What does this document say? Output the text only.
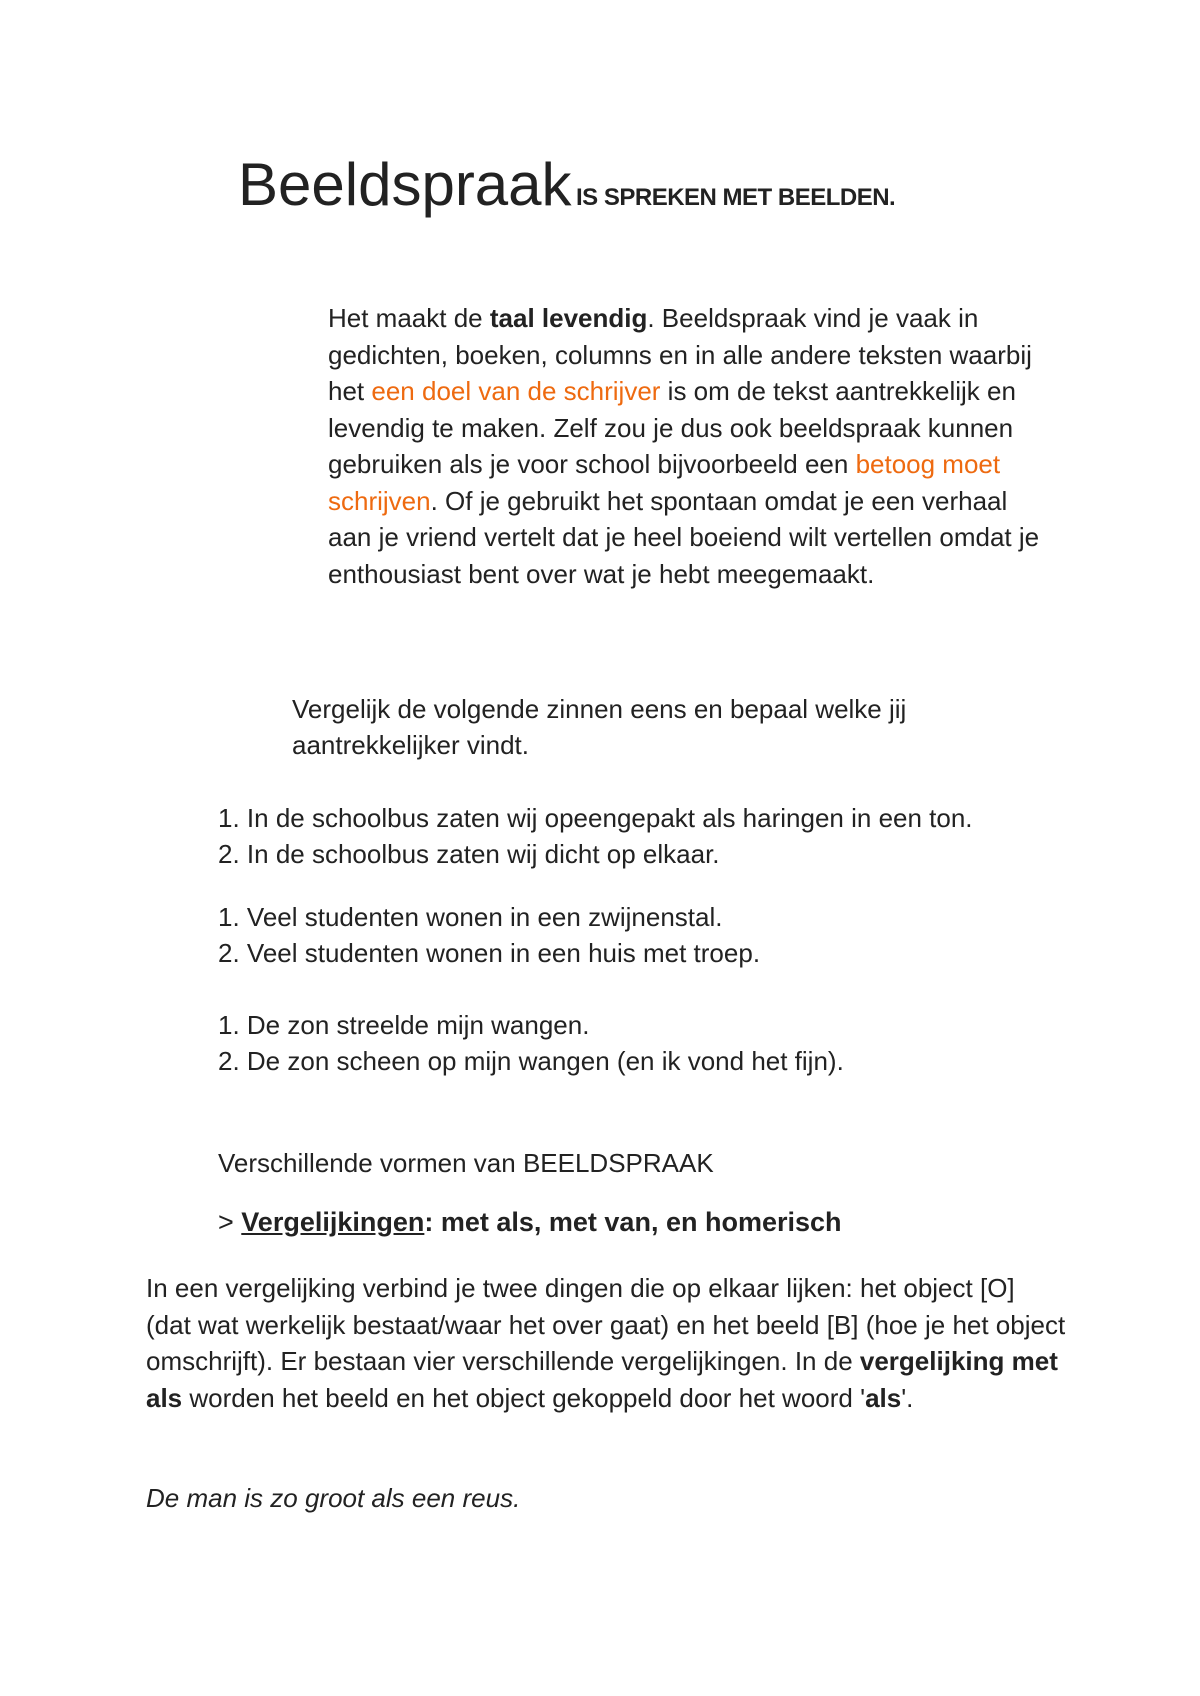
Beeldspraak IS SPREKEN MET BEELDEN.

Het maakt de taal levendig. Beeldspraak vind je vaak in gedichten, boeken, columns en in alle andere teksten waarbij het een doel van de schrijver is om de tekst aantrekkelijk en levendig te maken. Zelf zou je dus ook beeldspraak kunnen gebruiken als je voor school bijvoorbeeld een betoog moet schrijven. Of je gebruikt het spontaan omdat je een verhaal aan je vriend vertelt dat je heel boeiend wilt vertellen omdat je enthousiast bent over wat je hebt meegemaakt.

Vergelijk de volgende zinnen eens en bepaal welke jij aantrekkelijker vindt.

1. In de schoolbus zaten wij opeengepakt als haringen in een ton.
2. In de schoolbus zaten wij dicht op elkaar.
1. Veel studenten wonen in een zwijnenstal.
2. Veel studenten wonen in een huis met troep.
1. De zon streelde mijn wangen.
2. De zon scheen op mijn wangen (en ik vond het fijn).
Verschillende vormen van BEELDSPRAAK
> Vergelijkingen: met als, met van, en homerisch

In een vergelijking verbind je twee dingen die op elkaar lijken: het object [O] (dat wat werkelijk bestaat/waar het over gaat) en het beeld [B] (hoe je het object omschrijft). Er bestaan vier verschillende vergelijkingen. In de vergelijking met als worden het beeld en het object gekoppeld door het woord 'als'.

De man is zo groot als een reus.
